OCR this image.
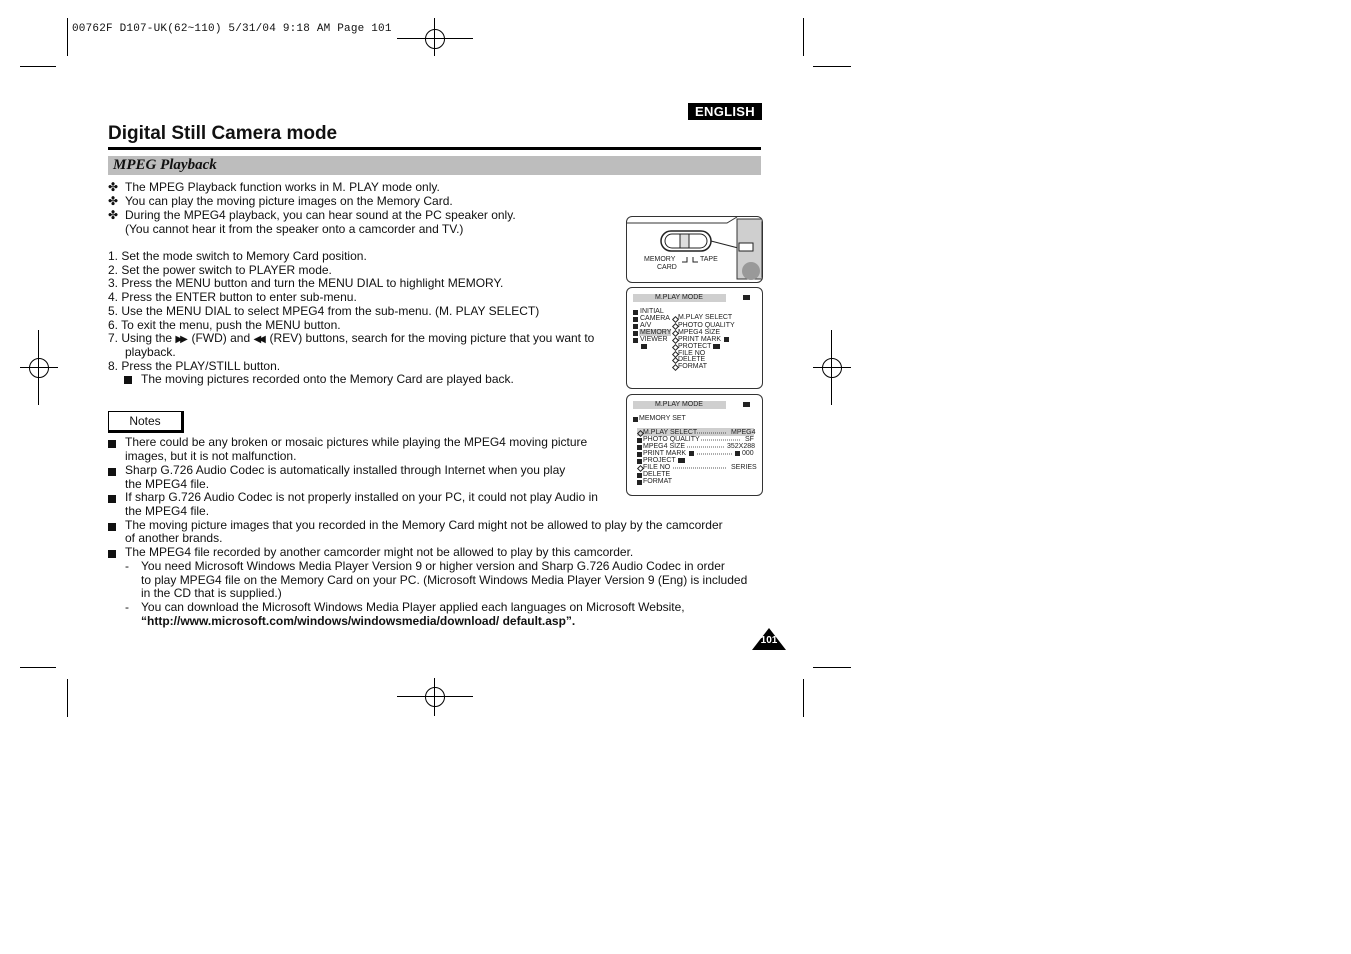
00762F D107-UK(62~110) 5/31/04 9:18 AM Page 101
ENGLISH
Digital Still Camera mode
MPEG Playback
✤ The MPEG Playback function works in M. PLAY mode only.
✤ You can play the moving picture images on the Memory Card.
✤ During the MPEG4 playback, you can hear sound at the PC speaker only.
(You cannot hear it from the speaker onto a camcorder and TV.)
1. Set the mode switch to Memory Card position.
2. Set the power switch to PLAYER mode.
3. Press the MENU button and turn the MENU DIAL to highlight MEMORY.
4. Press the ENTER button to enter sub-menu.
5. Use the MENU DIAL to select MPEG4 from the sub-menu. (M. PLAY SELECT)
6. To exit the menu, push the MENU button.
7. Using the ▶▶ (FWD) and ◀◀ (REV) buttons, search for the moving picture that you want to
playback.
8. Press the PLAY/STILL button.
The moving pictures recorded onto the Memory Card are played back.
Notes
There could be any broken or mosaic pictures while playing the MPEG4 moving picture
images, but it is not malfunction.
Sharp G.726 Audio Codec is automatically installed through Internet when you play
the MPEG4 file.
If sharp G.726 Audio Codec is not properly installed on your PC, it could not play Audio in
the MPEG4 file.
The moving picture images that you recorded in the Memory Card might not be allowed to play by the camcorder
of another brands.
The MPEG4 file recorded by another camcorder might not be allowed to play by this camcorder.
- You need Microsoft Windows Media Player Version 9 or higher version and Sharp G.726 Audio Codec in order
to play MPEG4 file on the Memory Card on your PC. (Microsoft Windows Media Player Version 9 (Eng) is included
in the CD that is supplied.)
- You can download the Microsoft Windows Media Player applied each languages on Microsoft Website,
“http://www.microsoft.com/windows/windowsmedia/download/ default.asp”.
MEMORY
CARD
TAPE
M.PLAY MODE
INITIAL
CAMERA
A/V
MEMORY
VIEWER
M.PLAY SELECT
PHOTO QUALITY
MPEG4 SIZE
PRINT MARK
PROTECT
FILE NO
DELETE
FORMAT
M.PLAY MODE
MEMORY SET
M.PLAY SELECT	MPEG4
PHOTO QUALITY	SF
MPEG4 SIZE	352X288
PRINT MARK	000
PROJECT
FILE NO	SERIES
DELETE
FORMAT
101
